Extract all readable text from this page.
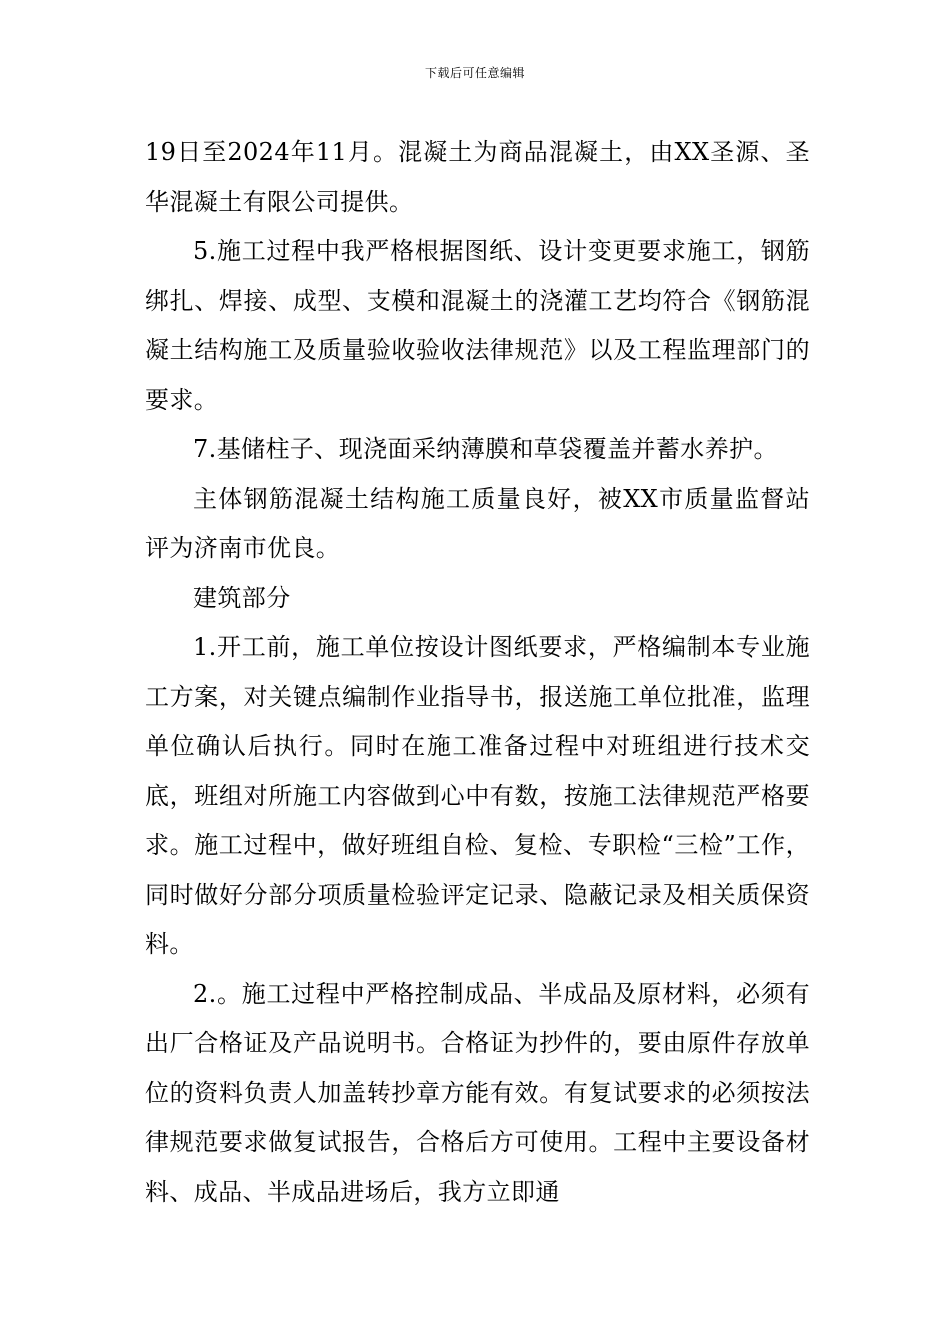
下载后可任意编辑

19日至2024年11月。混凝土为商品混凝土，由XX圣源、圣华混凝土有限公司提供。

5.施工过程中我严格根据图纸、设计变更要求施工，钢筋绑扎、焊接、成型、支模和混凝土的浇灌工艺均符合《钢筋混凝土结构施工及质量验收验收法律规范》以及工程监理部门的要求。

7.基储柱子、现浇面采纳薄膜和草袋覆盖并蓄水养护。

主体钢筋混凝土结构施工质量良好，被XX市质量监督站评为济南市优良。

建筑部分

1.开工前，施工单位按设计图纸要求，严格编制本专业施工方案，对关键点编制作业指导书，报送施工单位批准，监理单位确认后执行。同时在施工准备过程中对班组进行技术交底，班组对所施工内容做到心中有数，按施工法律规范严格要求。施工过程中，做好班组自检、复检、专职检“三检”工作，同时做好分部分项质量检验评定记录、隐蔽记录及相关质保资料。

2.。施工过程中严格控制成品、半成品及原材料，必须有出厂合格证及产品说明书。合格证为抄件的，要由原件存放单位的资料负责人加盖转抄章方能有效。有复试要求的必须按法律规范要求做复试报告，合格后方可使用。工程中主要设备材料、成品、半成品进场后，我方立即通
